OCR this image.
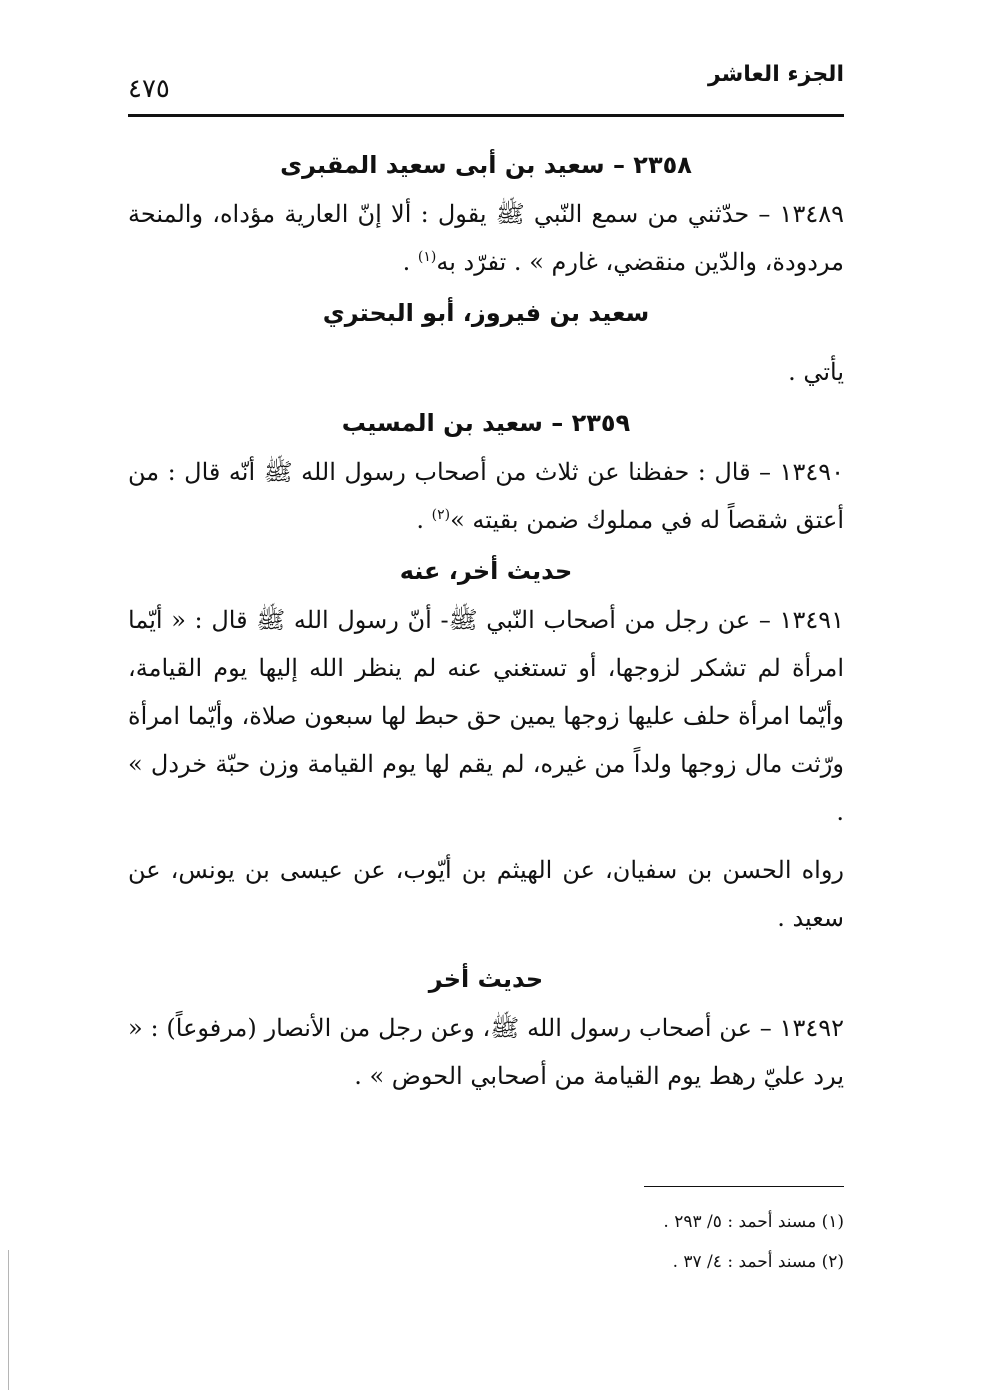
الجزء العاشر
٤٧٥
٢٣٥٨ – سعيد بن أبى سعيد المقبرى

١٣٤٨٩ – حدّثني من سمع النّبي ﷺ يقول : ألا إنّ العارية مؤداه، والمنحة مردودة، والدّين منقضي، غارم » . تفرّد به$^{(١)}$ .

سعيد بن فيروز، أبو البحتري

يأتي .

٢٣٥٩ – سعيد بن المسيب

١٣٤٩٠ – قال : حفظنا عن ثلاث من أصحاب رسول الله ﷺ أنّه قال : من أعتق شقصاً له في مملوك ضمن بقيته »$^{(٢)}$ .

حديث أخر، عنه

١٣٤٩١ – عن رجل من أصحاب النّبي ﷺ- أنّ رسول الله ﷺ قال : « أيّما امرأة لم تشكر لزوجها، أو تستغني عنه لم ينظر الله إليها يوم القيامة، وأيّما امرأة حلف عليها زوجها يمين حق حبط لها سبعون صلاة، وأيّما امرأة ورّثت مال زوجها ولداً من غيره، لم يقم لها يوم القيامة وزن حبّة خردل » .

رواه الحسن بن سفيان، عن الهيثم بن أيّوب، عن عيسى بن يونس، عن سعيد .

حديث أخر

١٣٤٩٢ – عن أصحاب رسول الله ﷺ، وعن رجل من الأنصار (مرفوعاً) : « يرد عليّ رهط يوم القيامة من أصحابي الحوض » .

(١) مسند أحمد : ٥/ ٢٩٣ .

(٢) مسند أحمد : ٤/ ٣٧ .
